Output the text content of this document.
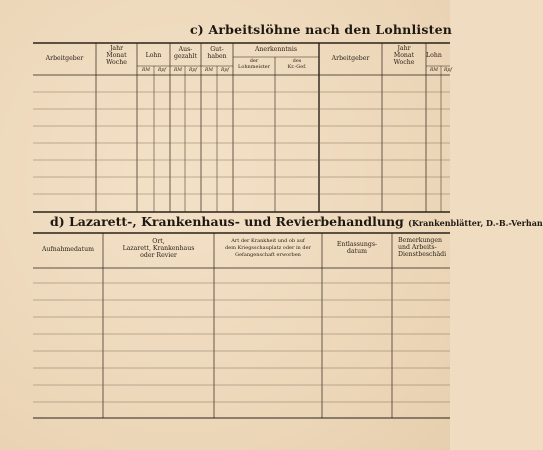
c) Arbeitslöhne nach den Lohnlisten
Arbeitgeber
Jahr
Monat
Woche
Lohn
Aus-
gezahlt
Gut-
haben
Anerkenntnis
der
Lohnmeister
des
Kr.-Gef.
Arbeitgeber
Jahr
Monat
Woche
Lohn
RM Rpf RM Rpf RM Rpf	RM Rpf
d) Lazarett-, Krankenhaus- und Revierbehandlung (Krankenblätter, D.-B.-Verhan
Aufnahmedatum
Ort,
Lazarett, Krankenhaus
oder Revier
Art der Krankheit und ob auf
dem Kriegsschauplatz oder in der
Gefangenschaft erworben
Entlassungs-
datum
Bemerkungen
und Arbeits-
Dienstbeschädi
